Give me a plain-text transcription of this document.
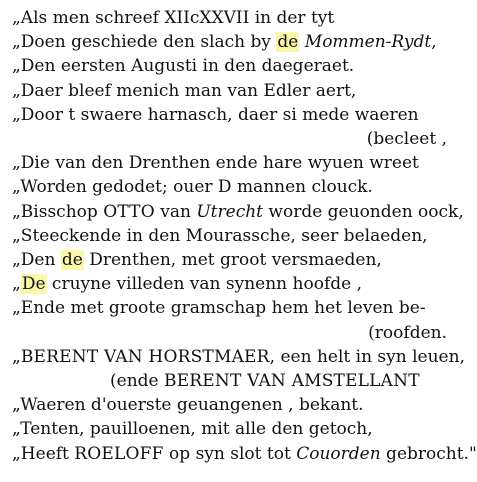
„Als men schreef XIIcXXVII in der tyt
„Doen geschiede den slach by de Mommen-Rydt,
„Den eersten Augusti in den daegeraet.
„Daer bleef menich man van Edler aert,
„Door t swaere harnasch, daer si mede waeren
(becleet ,
„Die van den Drenthen ende hare wyuen wreet
„Worden gedodet; ouer D mannen clouck.
„Bisschop OTTO van Utrecht worde geuonden oock,
„Steeckende in den Mourassche, seer belaeden,
„Den de Drenthen, met groot versmaeden,
„De cruyne villeden van synenn hoofde ,
„Ende met groote gramschap hem het leven be-
(roofden.
„BERENT VAN HORSTMAER, een helt in syn leuen,
(ende BERENT VAN AMSTELLANT
„Waeren d'ouerste geuangenen , bekant.
„Tenten, pauilloenen, mit alle den getoch,
„Heeft ROELOFF op syn slot tot Couorden gebrocht."
